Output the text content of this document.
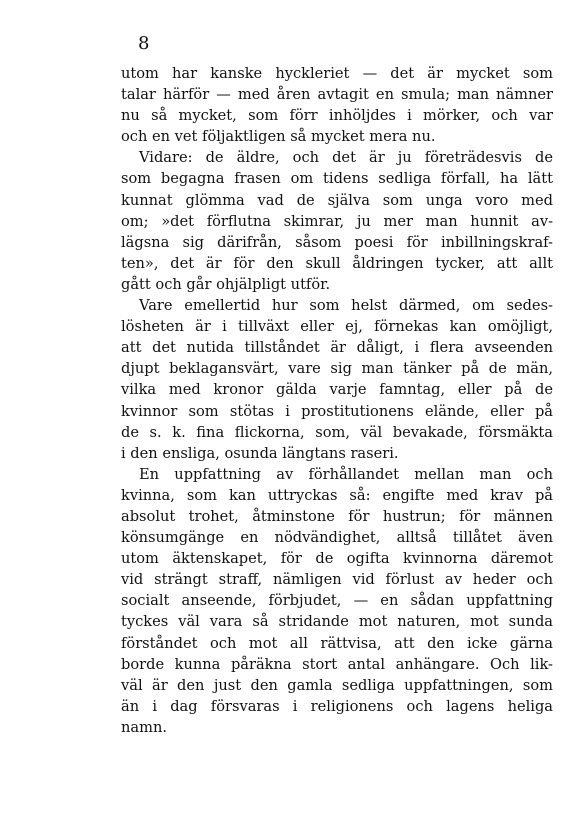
8
utom har kanske hyckleriet — det är mycket som
talar härför — med åren avtagit en smula; man nämner
nu så mycket, som förr inhöljdes i mörker, och var
och en vet följaktligen så mycket mera nu.
Vidare: de äldre, och det är ju företrädesvis de
som begagna frasen om tidens sedliga förfall, ha lätt
kunnat glömma vad de själva som unga voro med
om; »det förflutna skimrar, ju mer man hunnit av-
lägsna sig därifrån, såsom poesi för inbillningskraf-
ten», det är för den skull åldringen tycker, att allt
gått och går ohjälpligt utför.
Vare emellertid hur som helst därmed, om sedes-
lösheten är i tillväxt eller ej, förnekas kan omöjligt,
att det nutida tillståndet är dåligt, i flera avseenden
djupt beklagansvärt, vare sig man tänker på de män,
vilka med kronor gälda varje famntag, eller på de
kvinnor som stötas i prostitutionens elände, eller på
de s. k. fina flickorna, som, väl bevakade, försmäkta
i den ensliga, osunda längtans raseri.
En uppfattning av förhållandet mellan man och
kvinna, som kan uttryckas så: engifte med krav på
absolut trohet, åtminstone för hustrun; för männen
könsumgänge en nödvändighet, alltså tillåtet även
utom äktenskapet, för de ogifta kvinnorna däremot
vid strängt straff, nämligen vid förlust av heder och
socialt anseende, förbjudet, — en sådan uppfattning
tyckes väl vara så stridande mot naturen, mot sunda
förståndet och mot all rättvisa, att den icke gärna
borde kunna påräkna stort antal anhängare. Och lik-
väl är den just den gamla sedliga uppfattningen, som
än i dag försvaras i religionens och lagens heliga
namn.
